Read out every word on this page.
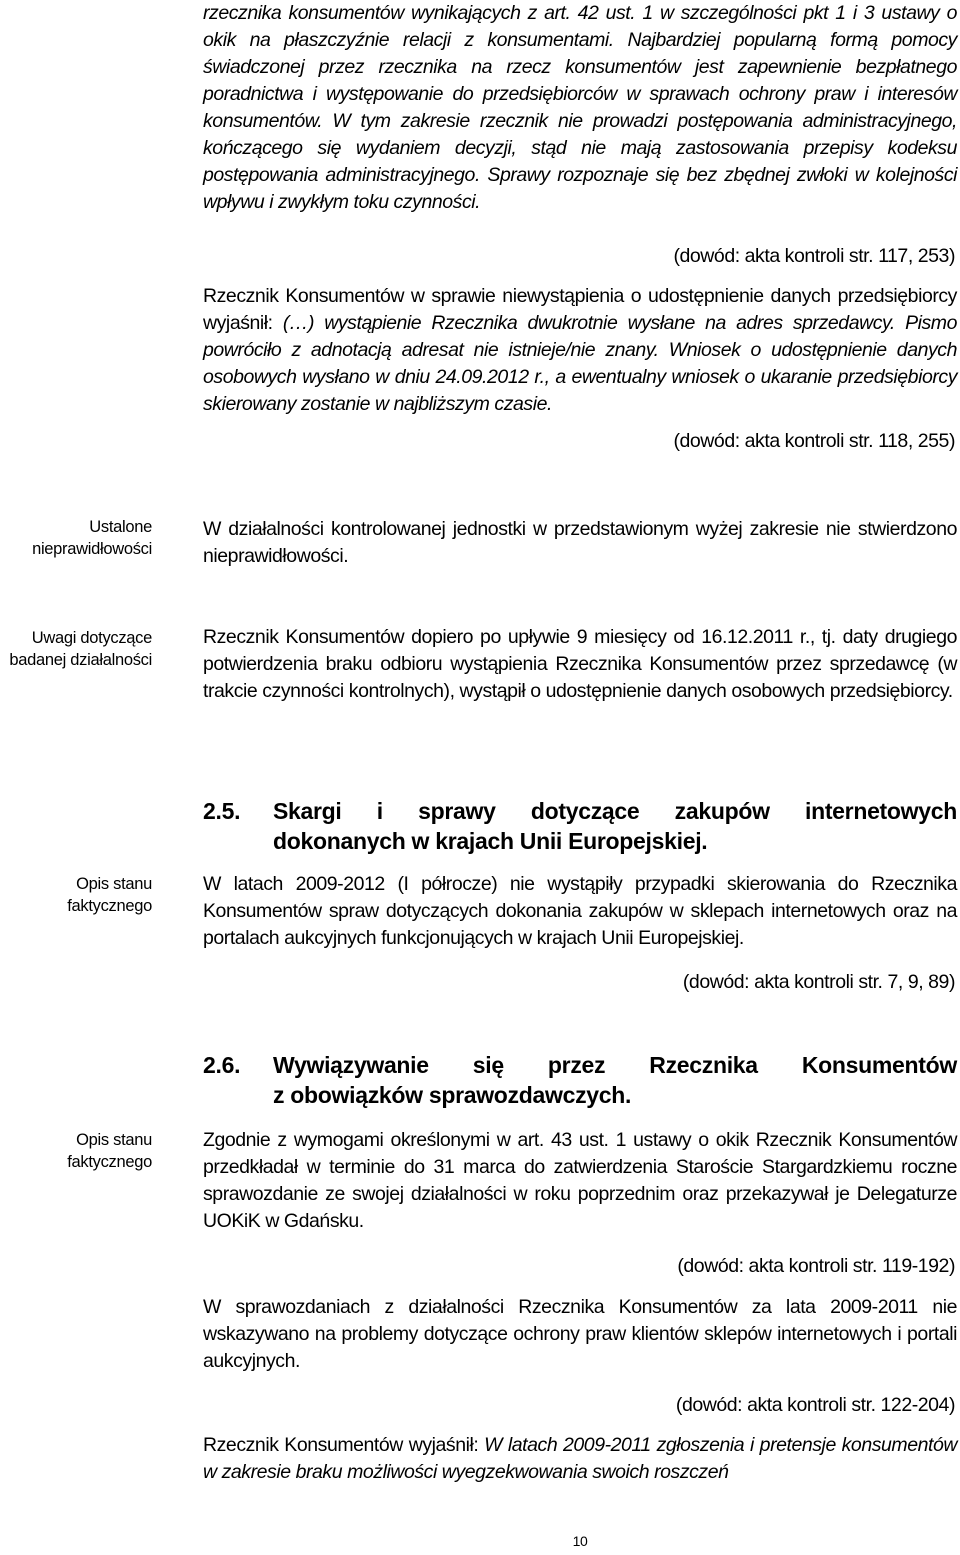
rzecznika konsumentów wynikających z art. 42 ust. 1 w szczególności pkt 1 i 3 ustawy o okik na płaszczyźnie relacji z konsumentami. Najbardziej popularną formą pomocy świadczonej przez rzecznika na rzecz konsumentów jest zapewnienie bezpłatnego poradnictwa i występowanie do przedsiębiorców w sprawach ochrony praw i interesów konsumentów. W tym zakresie rzecznik nie prowadzi postępowania administracyjnego, kończącego się wydaniem decyzji, stąd nie mają zastosowania przepisy kodeksu postępowania administracyjnego. Sprawy rozpoznaje się bez zbędnej zwłoki w kolejności wpływu i zwykłym toku czynności.
(dowód: akta kontroli str. 117, 253)
Rzecznik Konsumentów w sprawie niewystąpienia o udostępnienie danych przedsiębiorcy wyjaśnił: (…) wystąpienie Rzecznika dwukrotnie wysłane na adres sprzedawcy. Pismo powróciło z adnotacją adresat nie istnieje/nie znany. Wniosek o udostępnienie danych osobowych wysłano w dniu 24.09.2012 r., a ewentualny wniosek o ukaranie przedsiębiorcy skierowany zostanie w najbliższym czasie.
(dowód: akta kontroli str. 118, 255)
Ustalone nieprawidłowości
W działalności kontrolowanej jednostki w przedstawionym wyżej zakresie nie stwierdzono nieprawidłowości.
Uwagi dotyczące badanej działalności
Rzecznik Konsumentów dopiero po upływie 9 miesięcy od 16.12.2011 r., tj. daty drugiego potwierdzenia braku odbioru wystąpienia Rzecznika Konsumentów przez sprzedawcę (w trakcie czynności kontrolnych), wystąpił o udostępnienie danych osobowych przedsiębiorcy.
Opis stanu faktycznego
2.5. Skargi i sprawy dotyczące zakupów internetowych
dokonanych w krajach Unii Europejskiej.
W latach 2009-2012 (I półrocze) nie wystąpiły przypadki skierowania do Rzecznika Konsumentów spraw dotyczących dokonania zakupów w sklepach internetowych oraz na portalach aukcyjnych funkcjonujących w krajach Unii Europejskiej.
(dowód: akta kontroli str. 7, 9, 89)
Opis stanu faktycznego
2.6. Wywiązywanie się przez Rzecznika Konsumentów
z obowiązków sprawozdawczych.
Zgodnie z wymogami określonymi w art. 43 ust. 1 ustawy o okik Rzecznik Konsumentów przedkładał w terminie do 31 marca do zatwierdzenia Staroście Stargardzkiemu roczne sprawozdanie ze swojej działalności w roku poprzednim oraz przekazywał je Delegaturze UOKiK w Gdańsku.
(dowód: akta kontroli str. 119-192)
W sprawozdaniach z działalności Rzecznika Konsumentów za lata 2009-2011 nie wskazywano na problemy dotyczące ochrony praw klientów sklepów internetowych i portali aukcyjnych.
(dowód: akta kontroli str. 122-204)
Rzecznik Konsumentów wyjaśnił: W latach 2009-2011 zgłoszenia i pretensje konsumentów w zakresie braku możliwości wyegzekwowania swoich roszczeń
10
